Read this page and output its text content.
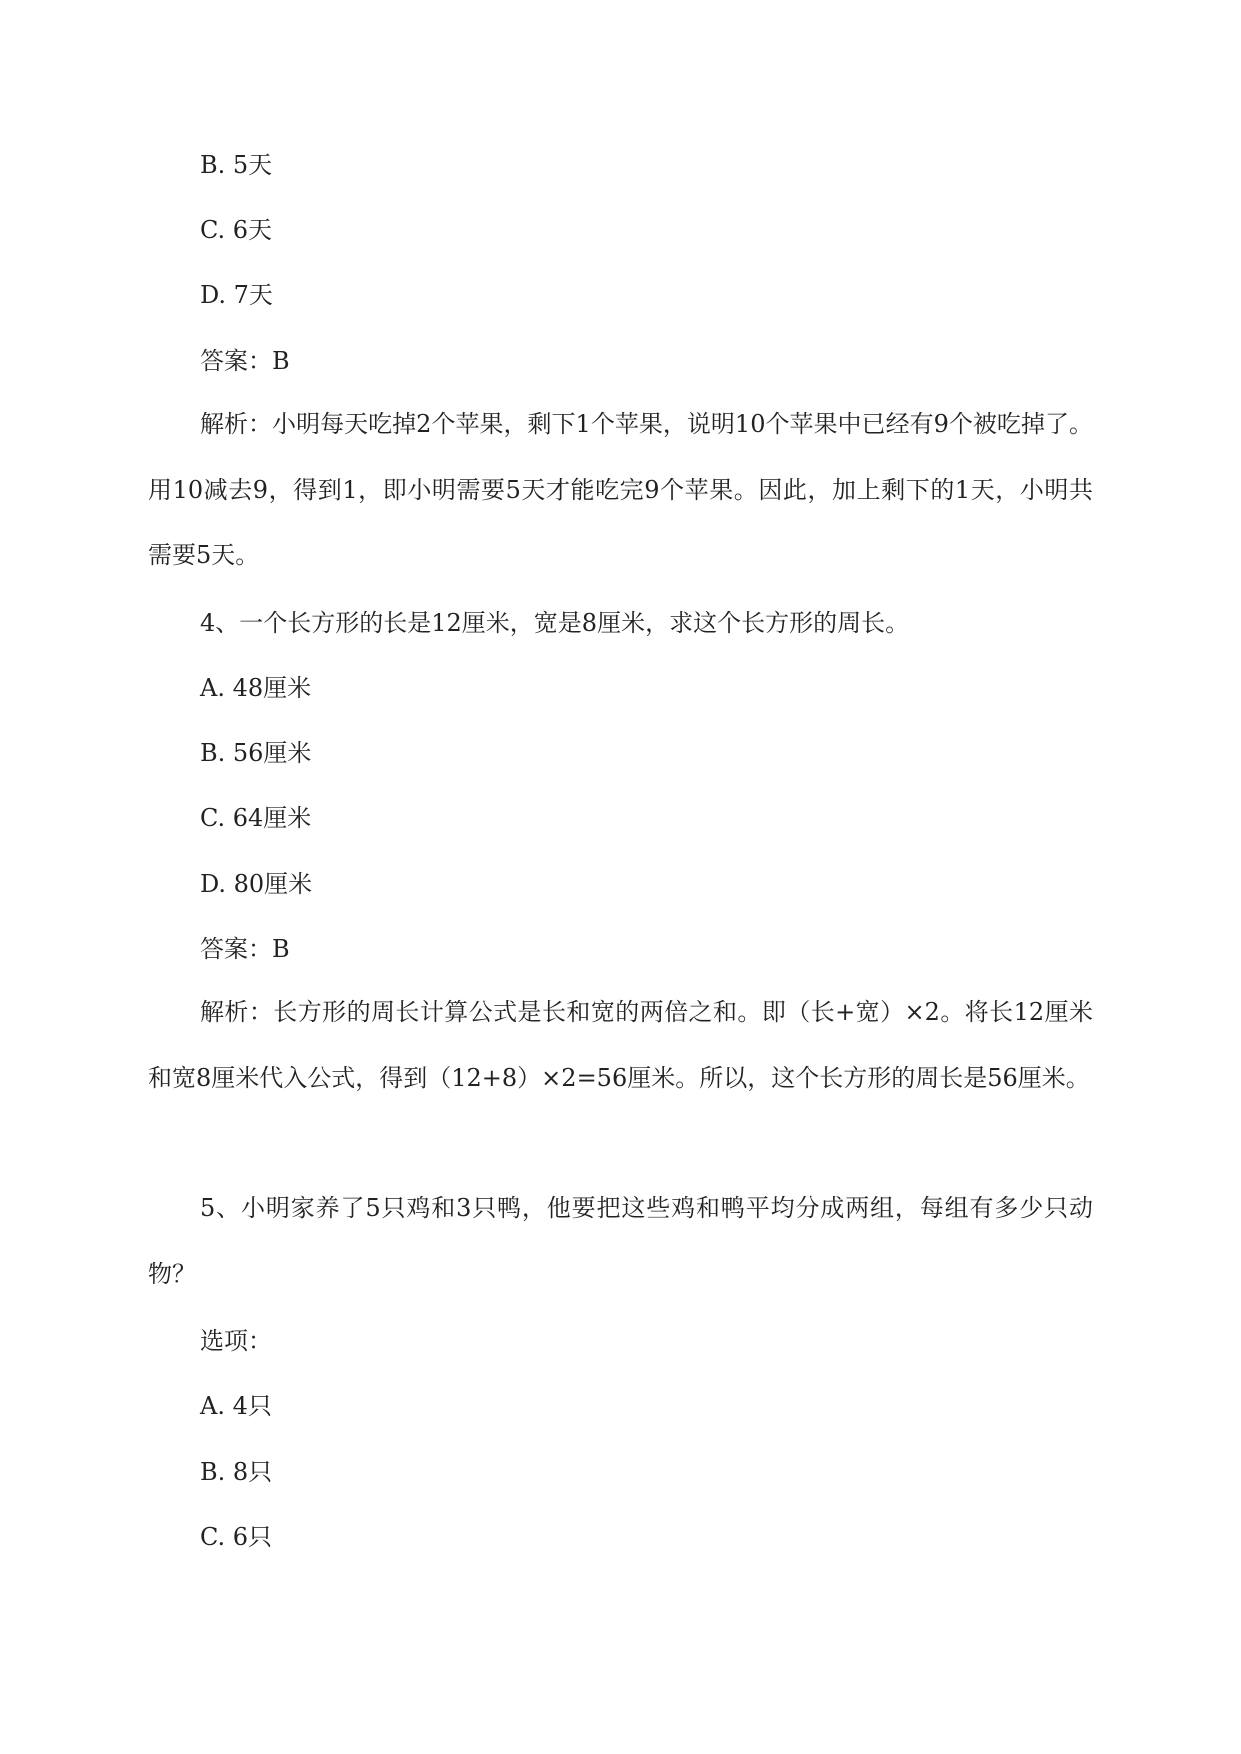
B. 5天
C. 6天
D. 7天
答案：B
解析：小明每天吃掉2个苹果，剩下1个苹果，说明10个苹果中已经有9个被吃掉了。用10减去9，得到1，即小明需要5天才能吃完9个苹果。因此，加上剩下的1天，小明共需要5天。
4、一个长方形的长是12厘米，宽是8厘米，求这个长方形的周长。
A. 48厘米
B. 56厘米
C. 64厘米
D. 80厘米
答案：B
解析：长方形的周长计算公式是长和宽的两倍之和。即（长+宽）×2。将长12厘米和宽8厘米代入公式，得到（12+8）×2=56厘米。所以，这个长方形的周长是56厘米。
5、小明家养了5只鸡和3只鸭，他要把这些鸡和鸭平均分成两组，每组有多少只动物？
选项：
A. 4只
B. 8只
C. 6只
